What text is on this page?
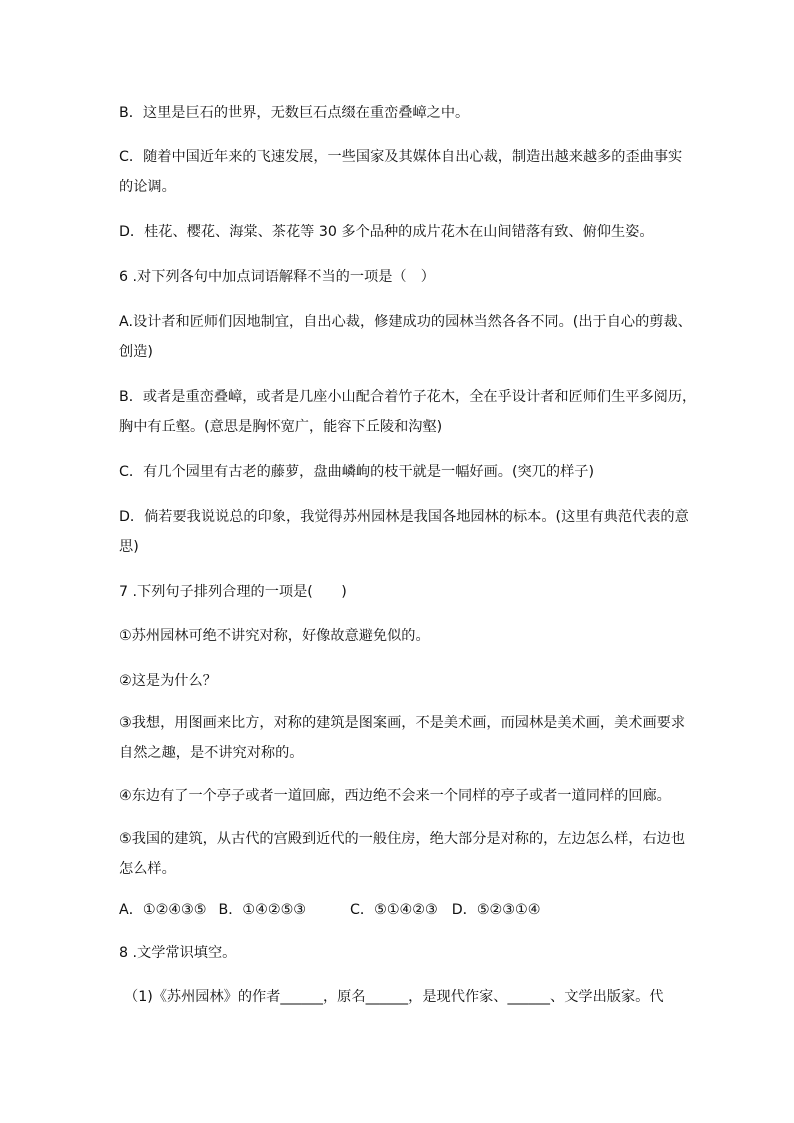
B．这里是巨石的世界，无数巨石点缀在重峦叠嶂之中。
C．随着中国近年来的飞速发展，一些国家及其媒体自出心裁，制造出越来越多的歪曲事实
的论调。
D．桂花、樱花、海棠、茶花等 30 多个品种的成片花木在山间错落有致、俯仰生姿。
6 .对下列各句中加点词语解释不当的一项是（　）
A.设计者和匠师们因地制宜，自出心裁，修建成功的园林当然各各不同。(出于自心的剪裁、
创造)
B．或者是重峦叠嶂，或者是几座小山配合着竹子花木，全在乎设计者和匠师们生平多阅历，
胸中有丘壑。(意思是胸怀宽广，能容下丘陵和沟壑)
C．有几个园里有古老的藤萝，盘曲嶙峋的枝干就是一幅好画。(突兀的样子)
D．倘若要我说说总的印象，我觉得苏州园林是我国各地园林的标本。(这里有典范代表的意
思)
7 .下列句子排列合理的一项是(　　)
①苏州园林可绝不讲究对称，好像故意避免似的。
②这是为什么？
③我想，用图画来比方，对称的建筑是图案画，不是美术画，而园林是美术画，美术画要求
自然之趣，是不讲究对称的。
④东边有了一个亭子或者一道回廊，西边绝不会来一个同样的亭子或者一道同样的回廊。
⑤我国的建筑，从古代的宫殿到近代的一般住房，绝大部分是对称的，左边怎么样，右边也
怎么样。
A．①②④③⑤ B．①④②⑤③	C．⑤①④②③ D．⑤②③①④
8 .文学常识填空。
（1)《苏州园林》的作者______，原名______，是现代作家、______、文学出版家。代
